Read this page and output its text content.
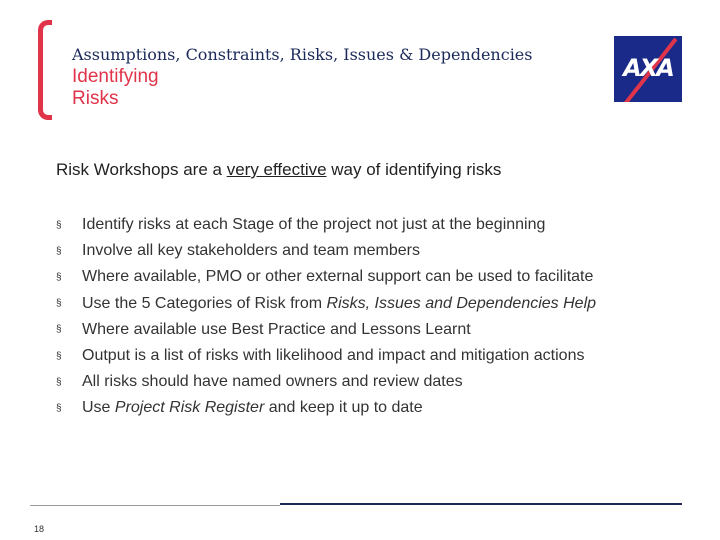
Assumptions, Constraints, Risks, Issues & Dependencies Identifying
Risks
AXA
Risk Workshops are a very effective way of identifying risks
§	Identify risks at each Stage of the project not just at the beginning
§	Involve all key stakeholders and team members
§	Where available, PMO or other external support can be used to facilitate
§	Use the 5 Categories of Risk from Risks, Issues and Dependencies Help
§	Where available use Best Practice and Lessons Learnt
§	Output is a list of risks with likelihood and impact and mitigation actions
§	All risks should have named owners and review dates
§	Use Project Risk Register and keep it up to date
18
